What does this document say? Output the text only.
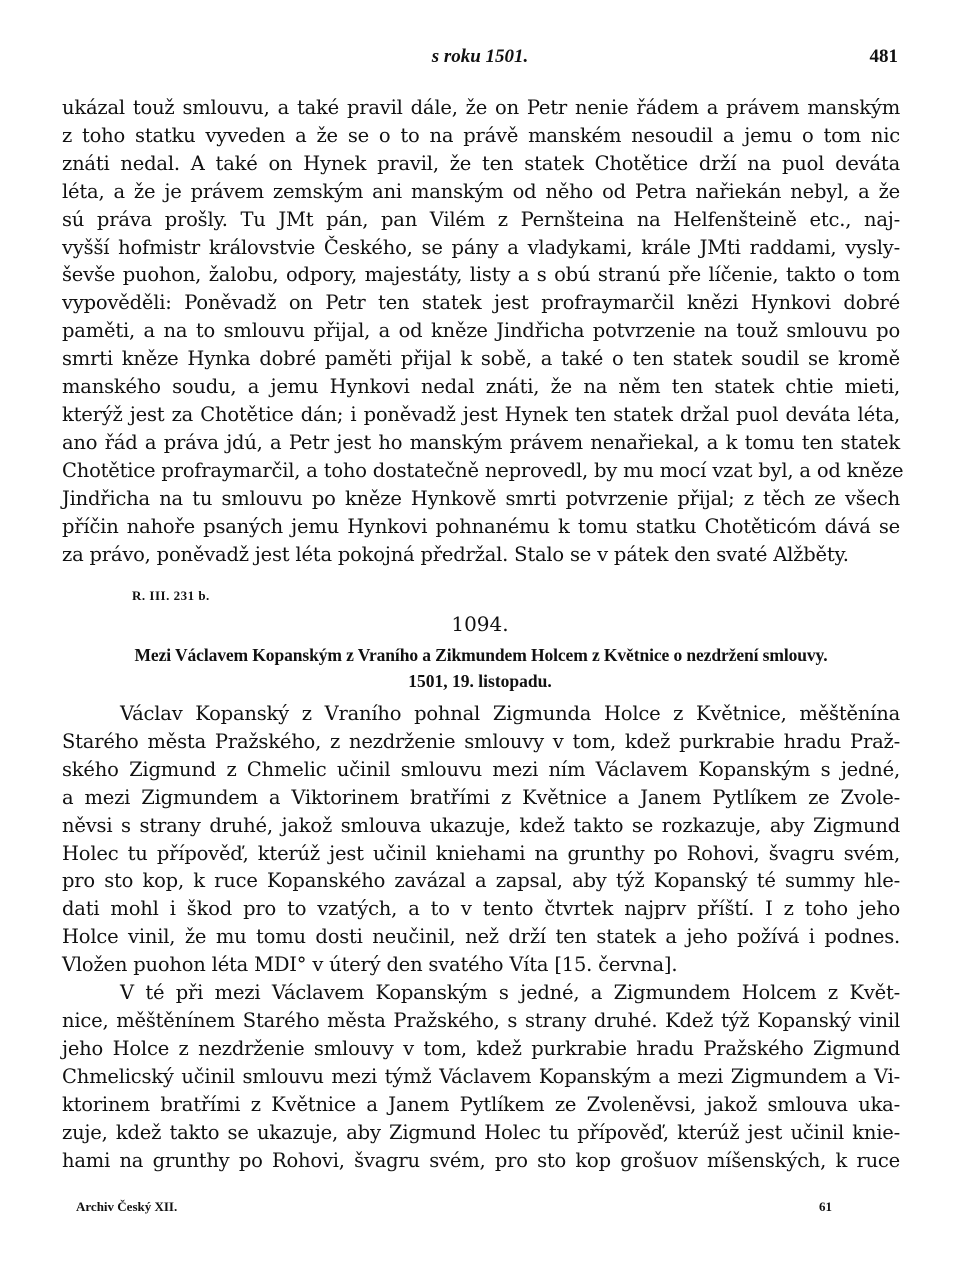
s roku 1501.	481
ukázal touž smlouvu, a také pravil dále, že on Petr nenie řádem a právem manským
z toho statku vyveden a že se o to na právě manském nesoudil a jemu o tom nic
znáti nedal. A také on Hynek pravil, že ten statek Chotětice drží na puol deváta
léta, a že je právem zemským ani manským od něho od Petra nařiekán nebyl, a že
sú práva prošly. Tu JMt pán, pan Vilém z Pernšteina na Helfenšteině etc., naj-
vyšší hofmistr královstvie Českého, se pány a vladykami, krále JMti raddami, vysly-
ševše puohon, žalobu, odpory, majestáty, listy a s obú stranú pře líčenie, takto o tom
vypověděli: Poněvadž on Petr ten statek jest profraymarčil knězi Hynkovi dobré
paměti, a na to smlouvu přijal, a od kněze Jindřicha potvrzenie na touž smlouvu po
smrti kněze Hynka dobré paměti přijal k sobě, a také o ten statek soudil se kromě
manského soudu, a jemu Hynkovi nedal znáti, že na něm ten statek chtie mieti,
kterýž jest za Chotětice dán; i poněvadž jest Hynek ten statek držal puol deváta léta,
ano řád a práva jdú, a Petr jest ho manským právem nenařiekal, a k tomu ten statek
Chotětice profraymarčil, a toho dostatečně neprovedl, by mu mocí vzat byl, a od kněze
Jindřicha na tu smlouvu po kněze Hynkově smrti potvrzenie přijal; z těch ze všech
příčin nahoře psaných jemu Hynkovi pohnanému k tomu statku Chotěticóm dává se
za právo, poněvadž jest léta pokojná předržal. Stalo se v pátek den svaté Alžběty.
R. III. 231 b.
1094.
Mezi Václavem Kopanským z Vraního a Zikmundem Holcem z Květnice o nezdržení smlouvy.
1501, 19. listopadu.
Václav Kopanský z Vraního pohnal Zigmunda Holce z Květnice, měštěnína
Starého města Pražského, z nezdrženie smlouvy v tom, kdež purkrabie hradu Praž-
ského Zigmund z Chmelic učinil smlouvu mezi ním Václavem Kopanským s jedné,
a mezi Zigmundem a Viktorinem bratřími z Květnice a Janem Pytlíkem ze Zvole-
něvsi s strany druhé, jakož smlouva ukazuje, kdež takto se rozkazuje, aby Zigmund
Holec tu přípověď, kterúž jest učinil kniehami na grunthy po Rohovi, švagru svém,
pro sto kop, k ruce Kopanského zavázal a zapsal, aby týž Kopanský té summy hle-
dati mohl i škod pro to vzatých, a to v tento čtvrtek najprv příští. I z toho jeho
Holce vinil, že mu tomu dosti neučinil, než drží ten statek a jeho požívá i podnes.
Vložen puohon léta MDI° v úterý den svatého Víta [15. června].
V té při mezi Václavem Kopanským s jedné, a Zigmundem Holcem z Květ-
nice, měštěnínem Starého města Pražského, s strany druhé. Kdež týž Kopanský vinil
jeho Holce z nezdrženie smlouvy v tom, kdež purkrabie hradu Pražského Zigmund
Chmelicský učinil smlouvu mezi týmž Václavem Kopanským a mezi Zigmundem a Vi-
ktorinem bratřími z Květnice a Janem Pytlíkem ze Zvoleněvsi, jakož smlouva uka-
zuje, kdež takto se ukazuje, aby Zigmund Holec tu přípověď, kterúž jest učinil knie-
hami na grunthy po Rohovi, švagru svém, pro sto kop grošuov míšenských, k ruce
Archiv Český XII.	61
